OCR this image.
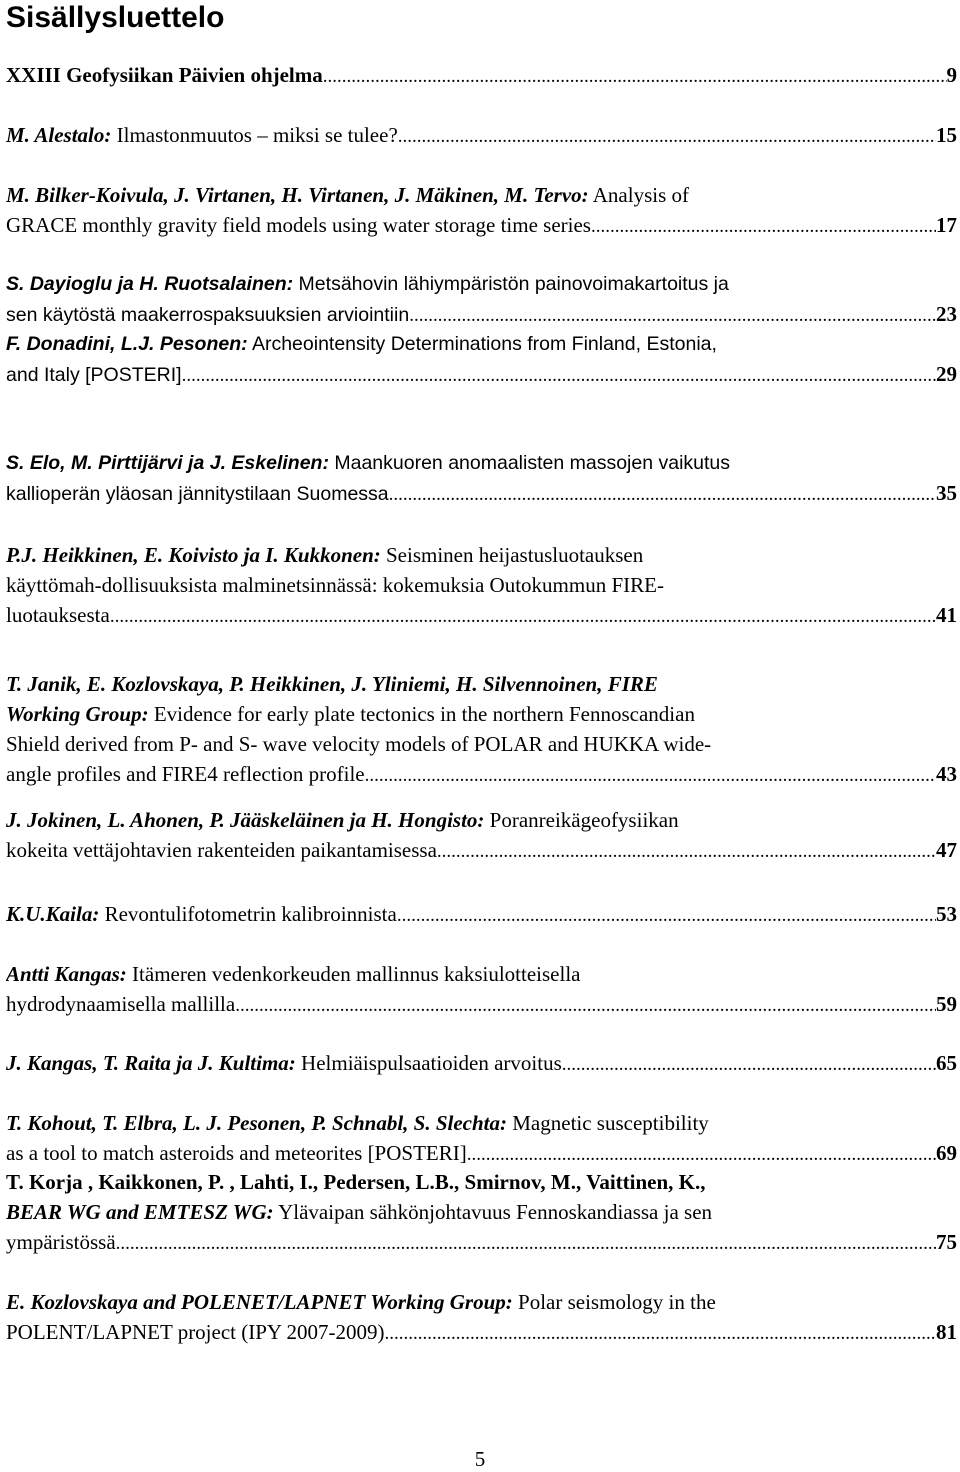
Sisällysluettelo
XXIII Geofysiikan Päivien ohjelma .....	9
M. Alestalo: Ilmastonmuutos – miksi se tulee? .....	15
M. Bilker-Koivula, J. Virtanen, H. Virtanen, J. Mäkinen, M. Tervo: Analysis of
GRACE monthly gravity field models using water storage time series .....	17
S. Dayioglu ja H. Ruotsalainen: Metsähovin lähiympäristön painovoimakartoitus ja
sen käytöstä maakerrospaksuuksien arviointiin .....	23
F. Donadini, L.J. Pesonen: Archeointensity Determinations from Finland, Estonia,
and Italy [POSTERI] .....	29
S. Elo, M. Pirttijärvi ja J. Eskelinen: Maankuoren anomaalisten massojen vaikutus
kallioperän yläosan jännitystilaan Suomessa .....	35
P.J. Heikkinen, E. Koivisto ja I. Kukkonen: Seisminen heijastusluotauksen
käyttömah-dollisuuksista malminetsinnässä: kokemuksia Outokummun FIRE-
luotauksesta .....	41
T. Janik, E. Kozlovskaya, P. Heikkinen, J. Yliniemi, H. Silvennoinen, FIRE
Working Group: Evidence for early plate tectonics in the northern Fennoscandian
Shield derived from P- and S- wave velocity models of POLAR and HUKKA wide-
angle profiles and FIRE4 reflection profile .....	43
J. Jokinen, L. Ahonen, P. Jääskeläinen ja H. Hongisto: Poranreikägeofysiikan
kokeita vettäjohtavien rakenteiden paikantamisessa .....	47
K.U.Kaila: Revontulifotometrin kalibroinnista .....	53
Antti Kangas: Itämeren vedenkorkeuden mallinnus kaksiulotteisella
hydrodynaamisella mallilla .....	59
J. Kangas, T. Raita ja J. Kultima: Helmiäispulsaatioiden arvoitus .....	65
T. Kohout, T. Elbra, L. J. Pesonen, P. Schnabl, S. Slechta: Magnetic susceptibility
as a tool to match asteroids and meteorites [POSTERI] .....	69
T. Korja , Kaikkonen, P. , Lahti, I., Pedersen, L.B., Smirnov, M., Vaittinen, K.,
BEAR WG and EMTESZ WG: Ylävaipan sähkönjohtavuus Fennoskandiassa ja sen
ympäristössä .....	75
E. Kozlovskaya and POLENET/LAPNET Working Group: Polar seismology in the
POLENT/LAPNET project (IPY 2007-2009) .....	81
5
